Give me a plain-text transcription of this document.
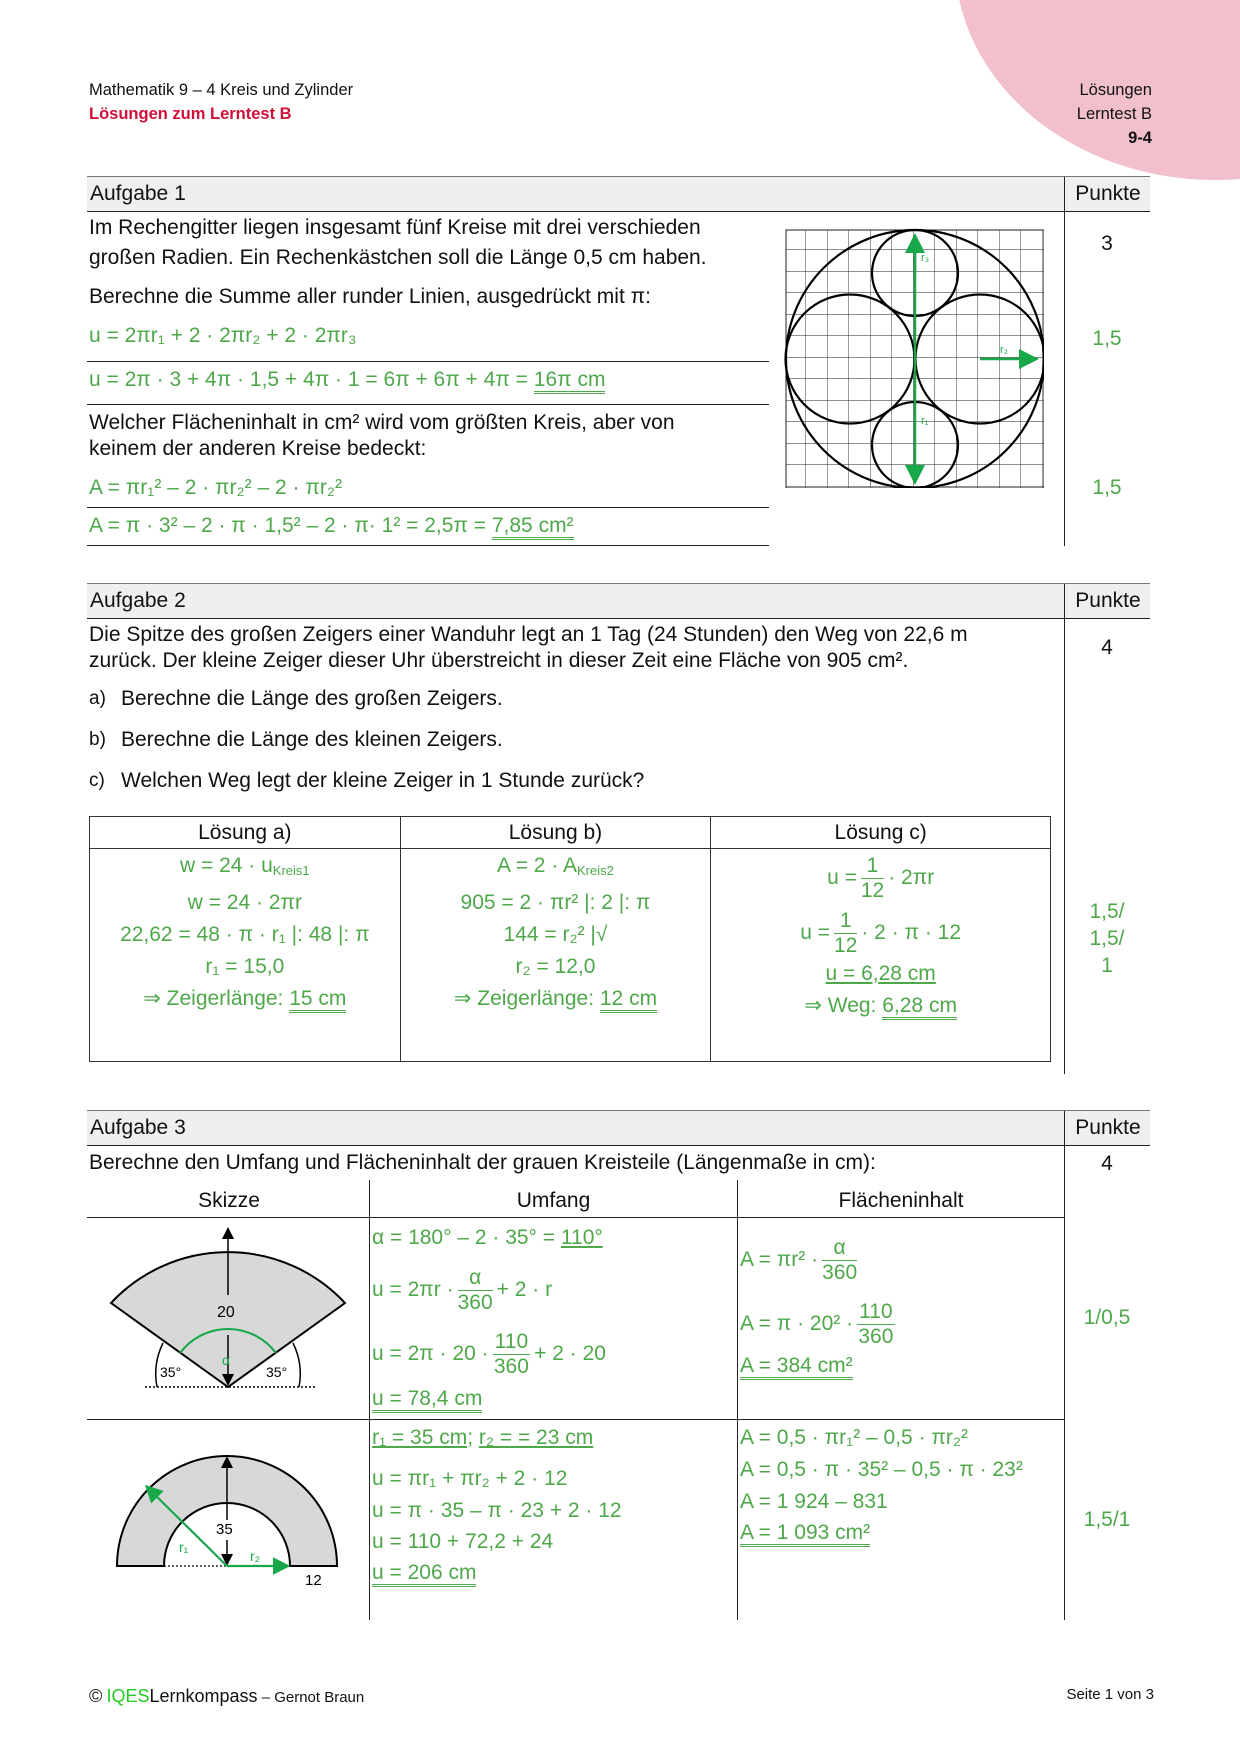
Mathematik 9 – 4 Kreis und Zylinder
Lösungen zum Lerntest B
Lösungen
Lerntest B
9-4
Aufgabe 1	Punkte
Im Rechengitter liegen insgesamt fünf Kreise mit drei verschieden
großen Radien. Ein Rechenkästchen soll die Länge 0,5 cm haben.
Berechne die Summe aller runder Linien, ausgedrückt mit π:
u = 2πr₁ + 2 · 2πr₂ + 2 · 2πr₃
u = 2π · 3 + 4π · 1,5 + 4π · 1 = 6π + 6π + 4π = 16π cm
Welcher Flächeninhalt in cm² wird vom größten Kreis, aber von
keinem der anderen Kreise bedeckt:
A = πr₁² – 2 · πr₂² – 2 · πr₂²
A = π · 3² – 2 · π · 1,5² – 2 · π· 1² = 2,5π = 7,85 cm²
3
1,5
1,5
r₃
r₂
r₁
Aufgabe 2	Punkte
Die Spitze des großen Zeigers einer Wanduhr legt an 1 Tag (24 Stunden) den Weg von 22,6 m
zurück. Der kleine Zeiger dieser Uhr überstreicht in dieser Zeit eine Fläche von 905 cm².
a) Berechne die Länge des großen Zeigers.
b) Berechne die Länge des kleinen Zeigers.
c) Welchen Weg legt der kleine Zeiger in 1 Stunde zurück?
Lösung a)	Lösung b)	Lösung c)

$w = 24 \cdot u_{Kreis1}$
w = 24 · 2πr
22,62 = 48 · π · r₁ |: 48 |: π
r₁ = 15,0
⇒ Zeigerlänge: 15 cm

$A = 2 \cdot A_{Kreis2}$
905 = 2 · πr² |: 2 |: π
144 = r₂² |√
r₂ = 12,0
⇒ Zeigerlänge: 12 cm

$u = \frac{1}{12} \cdot 2\pi r$
$u = \frac{1}{12} \cdot 2 \cdot \pi \cdot 12$
u = 6,28 cm
⇒ Weg: 6,28 cm
4
1,5/
1,5/
1
Aufgabe 3	Punkte
Berechne den Umfang und Flächeninhalt der grauen Kreisteile (Längenmaße in cm):	4
Skizze	Umfang	Flächeninhalt
20
α
35°	35°
α = 180° – 2 · 35° = 110°
$u = 2\pi r \cdot \frac{\alpha}{360} + 2 \cdot r$
$u = 2\pi \cdot 20 \cdot \frac{110}{360} + 2 \cdot 20$
u = 78,4 cm
$A = \pi r^2 \cdot \frac{\alpha}{360}$
$A = \pi \cdot 20^2 \cdot \frac{110}{360}$
A = 384 cm²
1/0,5
35
r₁
r₂
12
r₁ = 35 cm; r₂ = = 23 cm
u = πr₁ + πr₂ + 2 · 12
u = π · 35 – π · 23 + 2 · 12
u = 110 + 72,2 + 24
u = 206 cm
A = 0,5 · πr₁² – 0,5 · πr₂²
A = 0,5 · π · 35² – 0,5 · π · 23²
A = 1 924 – 831
A = 1 093 cm²
1,5/1
© IQESLernkompass – Gernot Braun	Seite 1 von 3
